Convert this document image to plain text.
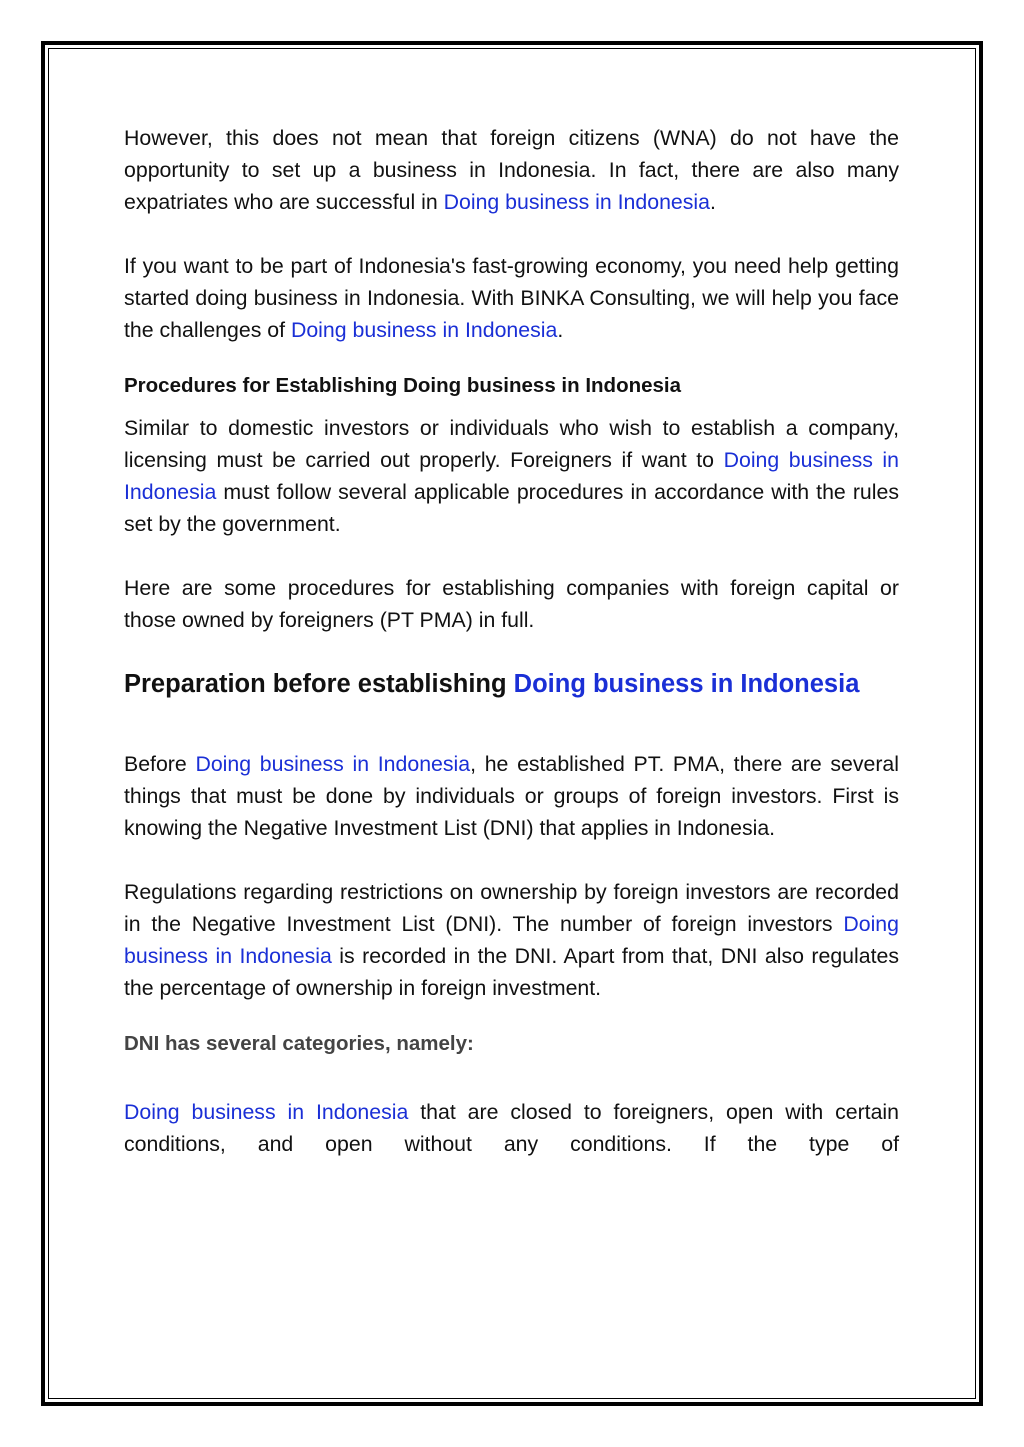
However, this does not mean that foreign citizens (WNA) do not have the opportunity to set up a business in Indonesia. In fact, there are also many expatriates who are successful in Doing business in Indonesia.

If you want to be part of Indonesia's fast-growing economy, you need help getting started doing business in Indonesia. With BINKA Consulting, we will help you face the challenges of Doing business in Indonesia.

Procedures for Establishing Doing business in Indonesia

Similar to domestic investors or individuals who wish to establish a company, licensing must be carried out properly. Foreigners if want to Doing business in Indonesia must follow several applicable procedures in accordance with the rules set by the government.

Here are some procedures for establishing companies with foreign capital or those owned by foreigners (PT PMA) in full.

Preparation before establishing Doing business in Indonesia

Before Doing business in Indonesia, he established PT. PMA, there are several things that must be done by individuals or groups of foreign investors. First is knowing the Negative Investment List (DNI) that applies in Indonesia.

Regulations regarding restrictions on ownership by foreign investors are recorded in the Negative Investment List (DNI). The number of foreign investors Doing business in Indonesia is recorded in the DNI. Apart from that, DNI also regulates the percentage of ownership in foreign investment.

DNI has several categories, namely:

Doing business in Indonesia that are closed to foreigners, open with certain conditions, and open without any conditions. If the type of
